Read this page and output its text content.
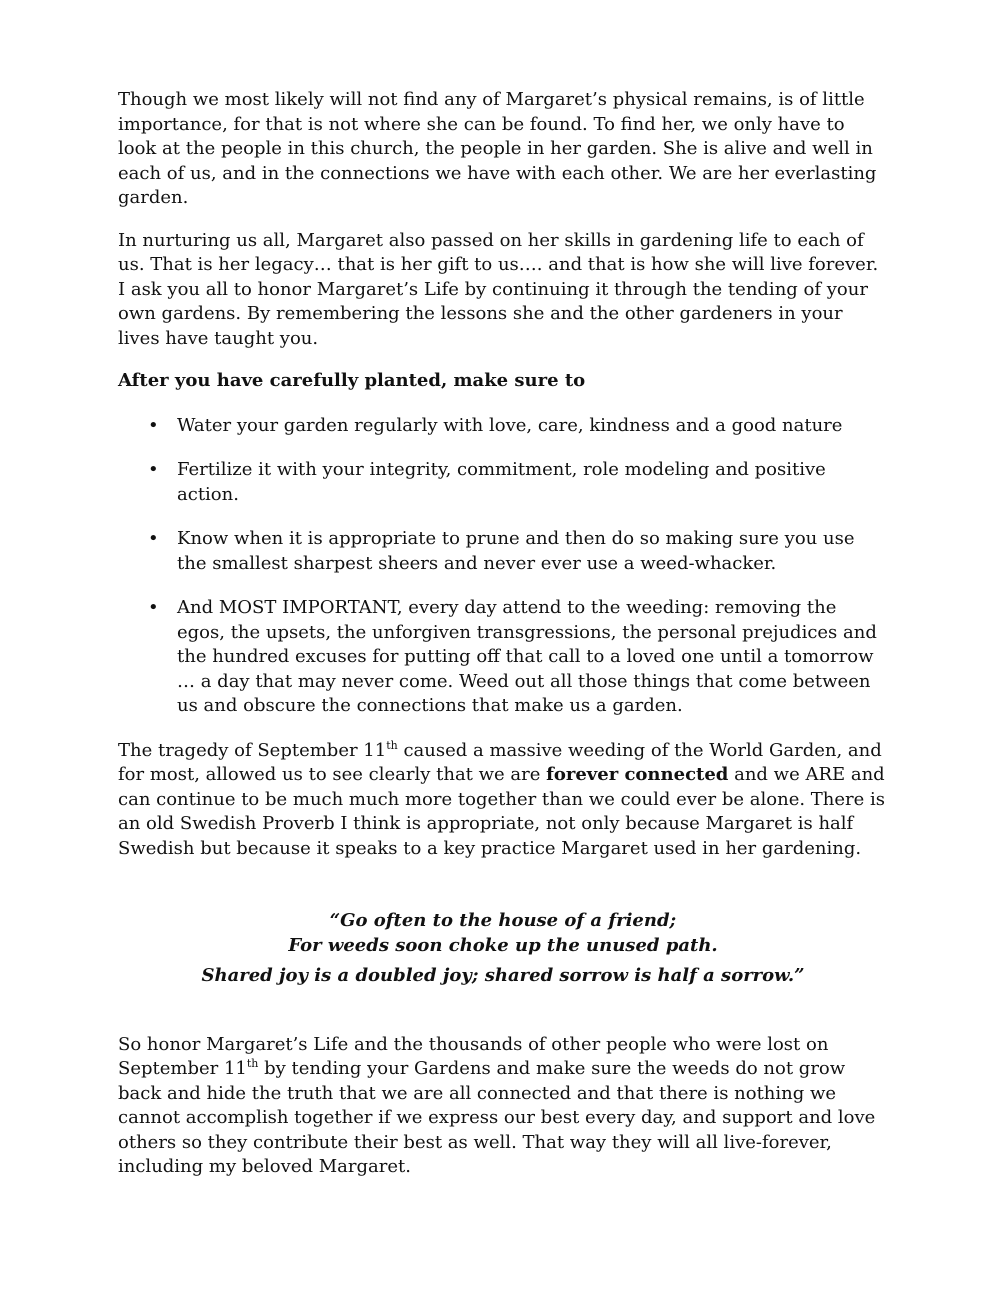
Though we most likely will not find any of Margaret’s physical remains, is of little importance, for that is not where she can be found. To find her, we only have to look at the people in this church, the people in her garden. She is alive and well in each of us, and in the connections we have with each other. We are her everlasting garden.

In nurturing us all, Margaret also passed on her skills in gardening life to each of us. That is her legacy… that is her gift to us…. and that is how she will live forever. I ask you all to honor Margaret’s Life by continuing it through the tending of your own gardens. By remembering the lessons she and the other gardeners in your lives have taught you.

After you have carefully planted, make sure to

• Water your garden regularly with love, care, kindness and a good nature
• Fertilize it with your integrity, commitment, role modeling and positive action.
• Know when it is appropriate to prune and then do so making sure you use the smallest sharpest sheers and never ever use a weed-whacker.
• And MOST IMPORTANT, every day attend to the weeding: removing the egos, the upsets, the unforgiven transgressions, the personal prejudices and the hundred excuses for putting off that call to a loved one until a tomorrow … a day that may never come. Weed out all those things that come between us and obscure the connections that make us a garden.

The tragedy of September 11th caused a massive weeding of the World Garden, and for most, allowed us to see clearly that we are forever connected and we ARE and can continue to be much much more together than we could ever be alone. There is an old Swedish Proverb I think is appropriate, not only because Margaret is half Swedish but because it speaks to a key practice Margaret used in her gardening.

“Go often to the house of a friend;
For weeds soon choke up the unused path.
Shared joy is a doubled joy; shared sorrow is half a sorrow.”

So honor Margaret’s Life and the thousands of other people who were lost on September 11th by tending your Gardens and make sure the weeds do not grow back and hide the truth that we are all connected and that there is nothing we cannot accomplish together if we express our best every day, and support and love others so they contribute their best as well. That way they will all live-forever, including my beloved Margaret.
